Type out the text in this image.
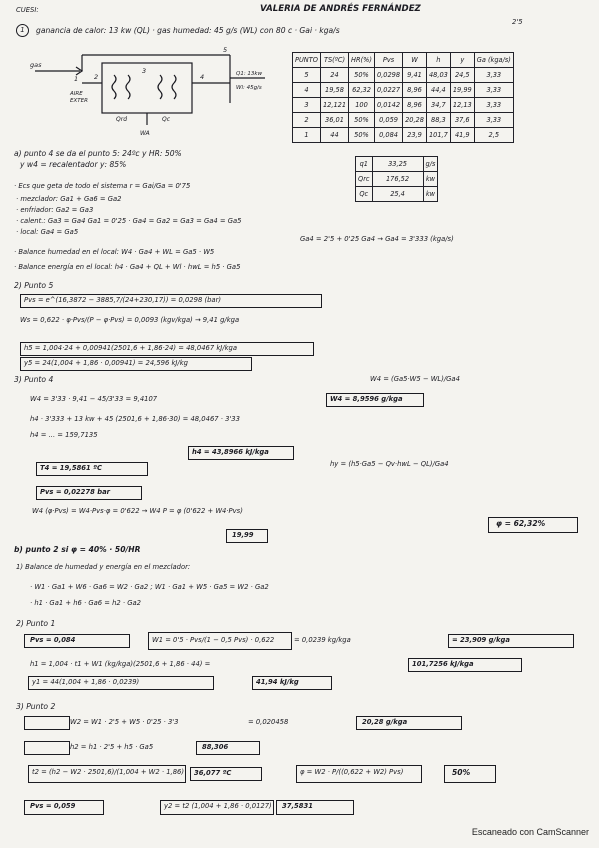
CUESI:	VALERIA DE ANDRÉS FERNÁNDEZ
2'5
1	ganancia de calor: 13 kw (QL) · gas humedad: 45 g/s (WL) con 80 c · Gai · kga/s
gas
AIRE
EXTER
1 2
3
4
5
Qrd	Qc
WA
Q1: 13kw
Wl: 45g/s
PUNTO	TS(ºC)	HR(%)	Pvs	W	h	y	Ga (kga/s)
5	24	50%	0,0298	9,41	48,03	24,5	3,33
4	19,58	62,32	0,0227	8,96	44,4	19,99	3,33
3	12,121	100	0,0142	8,96	34,7	12,13	3,33
2	36,01	50%	0,059	20,28	88,3	37,6	3,33
1	44	50%	0,084	23,9	101,7	41,9	2,5
q1	33,25	g/s
Qrc	176,52	kw
Qc	25,4	kw
a) punto 4 se da el punto 5: 24ºc y HR: 50%
y w4 = recalentador y: 85%
· Ecs que geta de todo el sistema r = Gai/Ga = 0'75
· mezclador: Ga1 + Ga6 = Ga2
· enfriador: Ga2 = Ga3
· calent.: Ga3 = Ga4 Ga1 = 0'25 · Ga4 = Ga2 = Ga3 = Ga4 = Ga5
· local: Ga4 = Ga5
Ga4 = 2'5 + 0'25 Ga4 → Ga4 = 3'333 (kga/s)
· Balance humedad en el local: W4 · Ga4 + WL = Ga5 · W5
· Balance energía en el local: h4 · Ga4 + QL + Wl · hwL = h5 · Ga5
2) Punto 5
Pvs = e^(16,3872 − 3885,7/(24+230,17)) = 0,0298 (bar)
Ws = 0,622 · φ·Pvs/(P − φ·Pvs) = 0,0093 (kgv/kga) → 9,41 g/kga
h5 = 1,004·24 + 0,00941(2501,6 + 1,86·24) = 48,0467 kJ/kga
y5 = 24(1,004 + 1,86 · 0,00941) = 24,596 kJ/kg
3) Punto 4	W4 = (Ga5·W5 − WL)/Ga4
W4 = 3'33 · 9,41 − 45/3'33 = 9,4107	W4 = 8,9596 g/kga
h4 · 3'333 + 13 kw + 45 (2501,6 + 1,86·30) = 48,0467 · 3'33
h4 = ... = 159,7135
h4 = 43,8966 kJ/kga
T4 = 19,5861 ºC	hy = (h5·Ga5 − Qv·hwL − QL)/Ga4
Pvs = 0,02278 bar
W4 (φ·Pvs) = W4·Pvs·φ = 0'622 → W4 P = φ (0'622 + W4·Pvs)
φ = 62,32%
19,99
b) punto 2 si φ = 40% · 50/HR
1) Balance de humedad y energía en el mezclador:
· W1 · Ga1 + W6 · Ga6 = W2 · Ga2 ; W1 · Ga1 + W5 · Ga5 = W2 · Ga2
· h1 · Ga1 + h6 · Ga6 = h2 · Ga2
2) Punto 1
Pvs = 0,084	W1 = 0'5 · Pvs/(1 − 0,5 Pvs) · 0,622	= 0,0239 kg/kga	= 23,909 g/kga
h1 = 1,004 · t1 + W1 (kg/kga)(2501,6 + 1,86 · 44) =	101,7256 kJ/kga
y1 = 44(1,004 + 1,86 · 0,0239)	41,94 kJ/kg
3) Punto 2
W2 = W1 · 2'5 + W5 · 0'25 · 3'3	= 0,020458	20,28 g/kga
h2 = h1 · 2'5 + h5 · Ga5	88,306
t2 = (h2 − W2 · 2501,6)/(1,004 + W2 · 1,86) 36,077 ºC	φ = W2 · P/((0,622 + W2) Pvs)	50%
Pvs = 0,059	y2 = t2 (1,004 + 1,86 · 0,0127) 37,5831
Escaneado con CamScanner
